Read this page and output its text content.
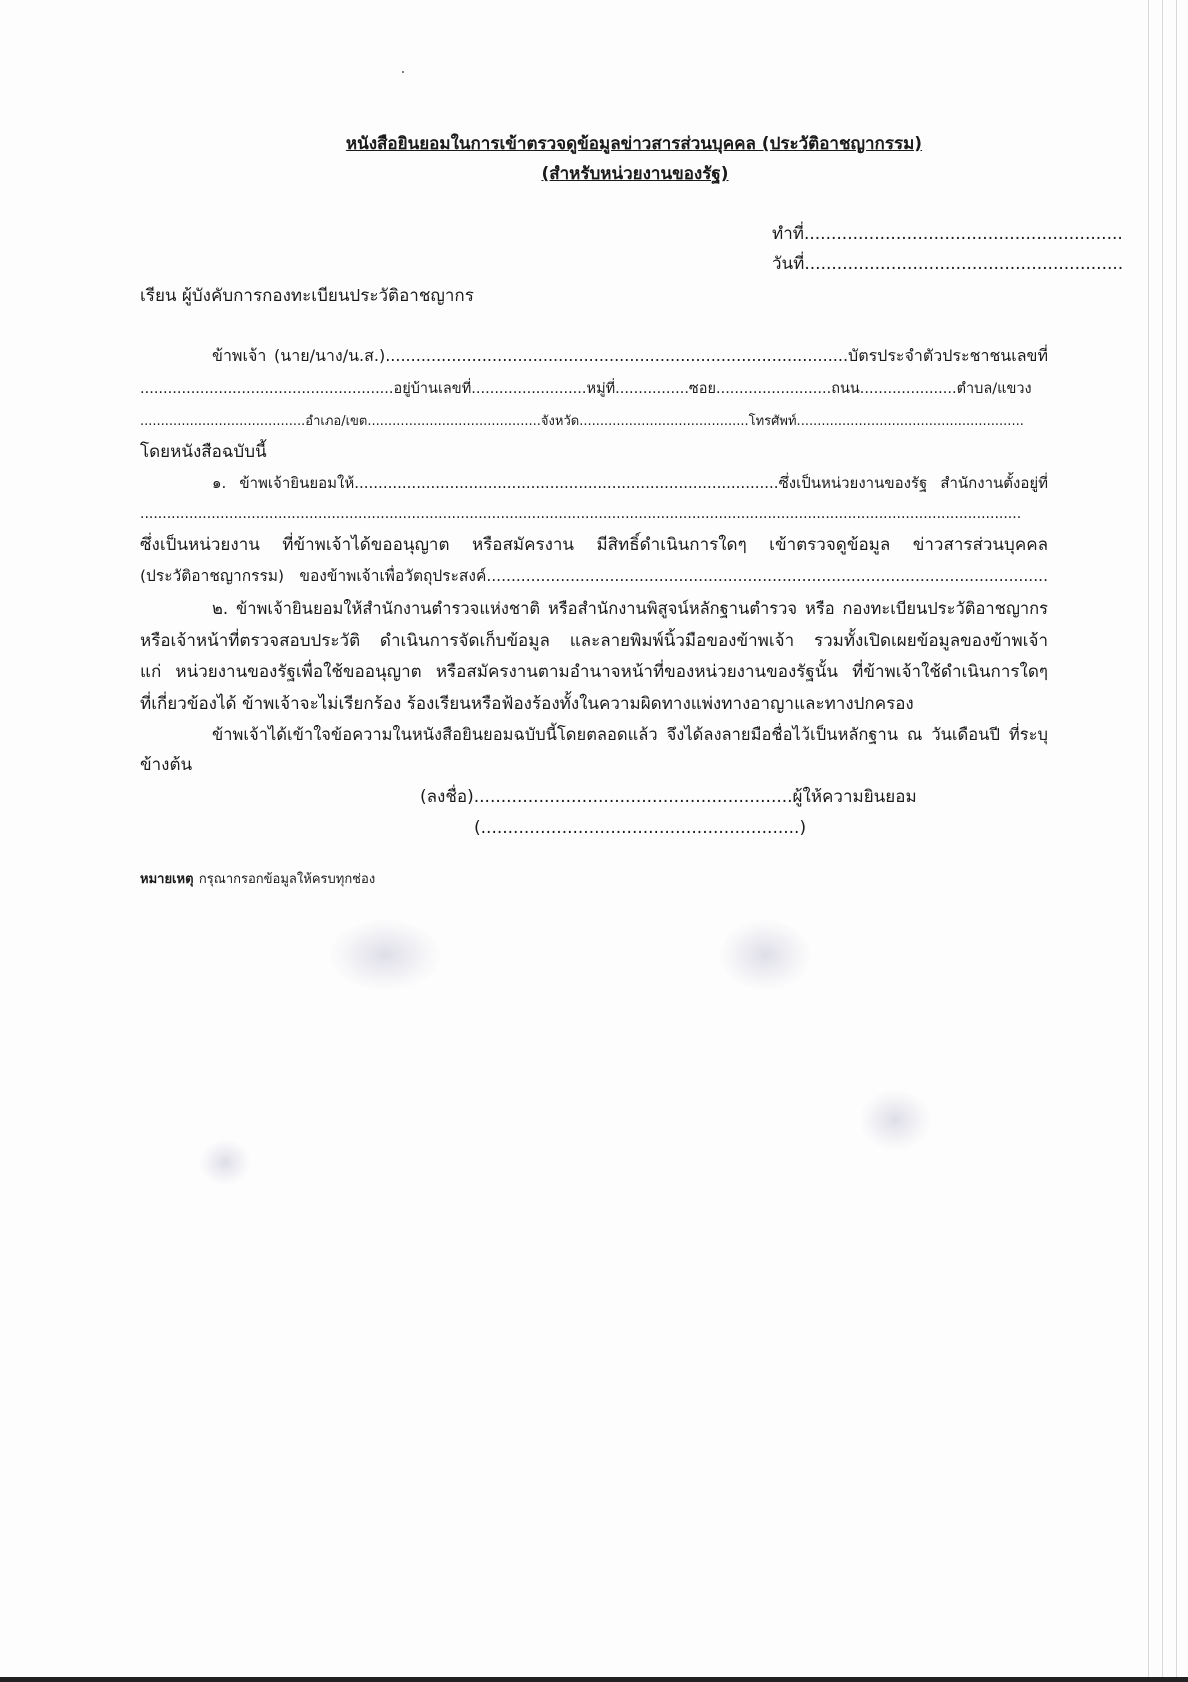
หนังสือยินยอมในการเข้าตรวจดูข้อมูลข่าวสารส่วนบุคคล (ประวัติอาชญากรรม)
(สำหรับหน่วยงานของรัฐ)
ทำที่...........................................................
วันที่...........................................................
เรียน ผู้บังคับการกองทะเบียนประวัติอาชญากร
ข้าพเจ้า (นาย/นาง/น.ส.)...........................................................................................บัตรประจำตัวประชาชนเลขที่
.......................................................อยู่บ้านเลขที่.........................หมู่ที่................ซอย.........................ถนน.....................ตำบล/แขวง
........................................อำเภอ/เขต..........................................จังหวัด.........................................โทรศัพท์.......................................................
โดยหนังสือฉบับนี้
๑. ข้าพเจ้ายินยอมให้.........................................................................................ซึ่งเป็นหน่วยงานของรัฐ สำนักงานตั้งอยู่ที่
......................................................................................................................................................................................................
ซึ่งเป็นหน่วยงาน ที่ข้าพเจ้าได้ขออนุญาต หรือสมัครงาน มีสิทธิ์ดำเนินการใดๆ เข้าตรวจดูข้อมูล ข่าวสารส่วนบุคคล
(ประวัติอาชญากรรม) ของข้าพเจ้าเพื่อวัตถุประสงค์..................................................................................................................
๒. ข้าพเจ้ายินยอมให้สำนักงานตำรวจแห่งชาติ หรือสำนักงานพิสูจน์หลักฐานตำรวจ หรือ กองทะเบียนประวัติอาชญากร
หรือเจ้าหน้าที่ตรวจสอบประวัติ ดำเนินการจัดเก็บข้อมูล และลายพิมพ์นิ้วมือของข้าพเจ้า รวมทั้งเปิดเผยข้อมูลของข้าพเจ้า
แก่ หน่วยงานของรัฐเพื่อใช้ขออนุญาต หรือสมัครงานตามอำนาจหน้าที่ของหน่วยงานของรัฐนั้น ที่ข้าพเจ้าใช้ดำเนินการใดๆ
ที่เกี่ยวข้องได้ ข้าพเจ้าจะไม่เรียกร้อง ร้องเรียนหรือฟ้องร้องทั้งในความผิดทางแพ่งทางอาญาและทางปกครอง
ข้าพเจ้าได้เข้าใจข้อความในหนังสือยินยอมฉบับนี้โดยตลอดแล้ว จึงได้ลงลายมือชื่อไว้เป็นหลักฐาน ณ วันเดือนปี ที่ระบุ
ข้างต้น
(ลงชื่อ)...........................................................ผู้ให้ความยินยอม
(...........................................................)
หมายเหตุ กรุณากรอกข้อมูลให้ครบทุกช่อง
